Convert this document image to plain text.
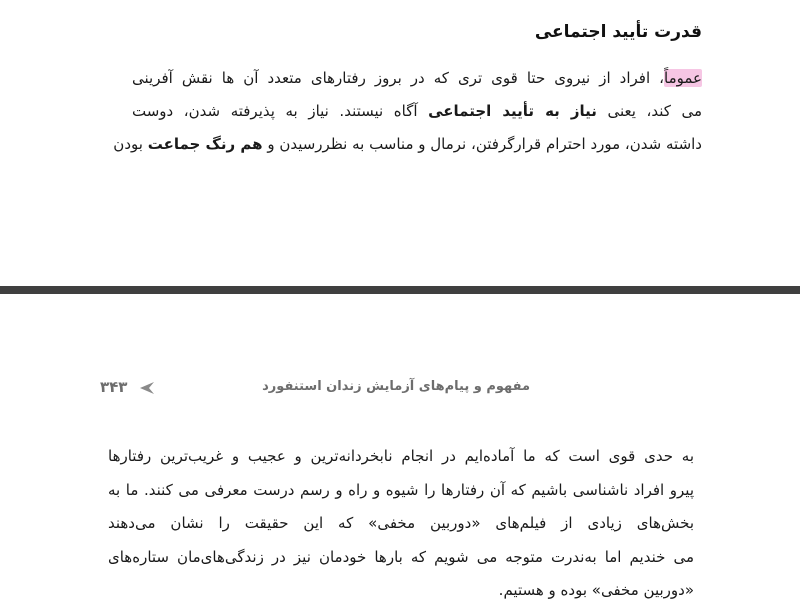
قدرت تأیید اجتماعی

عموماً، افراد از نیروی حتا قوی تری که در بروز رفتارهای متعدد آن ها نقش آفرینی
می کند، یعنی نیاز به تأیید اجتماعی آگاه نیستند. نیاز به پذیرفته شدن، دوست
داشته شدن، مورد احترام قرارگرفتن، نرمال و مناسب به نظررسیدن و هم رنگ جماعت بودن

مفهوم و پیام‌های آزمایش زندان استنفورد
۳۴۳

به حدی قوی است که ما آماده‌ایم در انجام نابخردانه‌ترین و عجیب و غریب‌ترین رفتارها
پیرو افراد ناشناسی باشیم که آن رفتارها را شیوه و راه و رسم درست معرفی می کنند. ما به
بخش‌های زیادی از فیلم‌های «دوربین مخفی» که این حقیقت را نشان می‌دهند
می خندیم اما به‌ندرت متوجه می شویم که بارها خودمان نیز در زندگی‌های‌مان ستاره‌های
«دوربین مخفی» بوده و هستیم.
